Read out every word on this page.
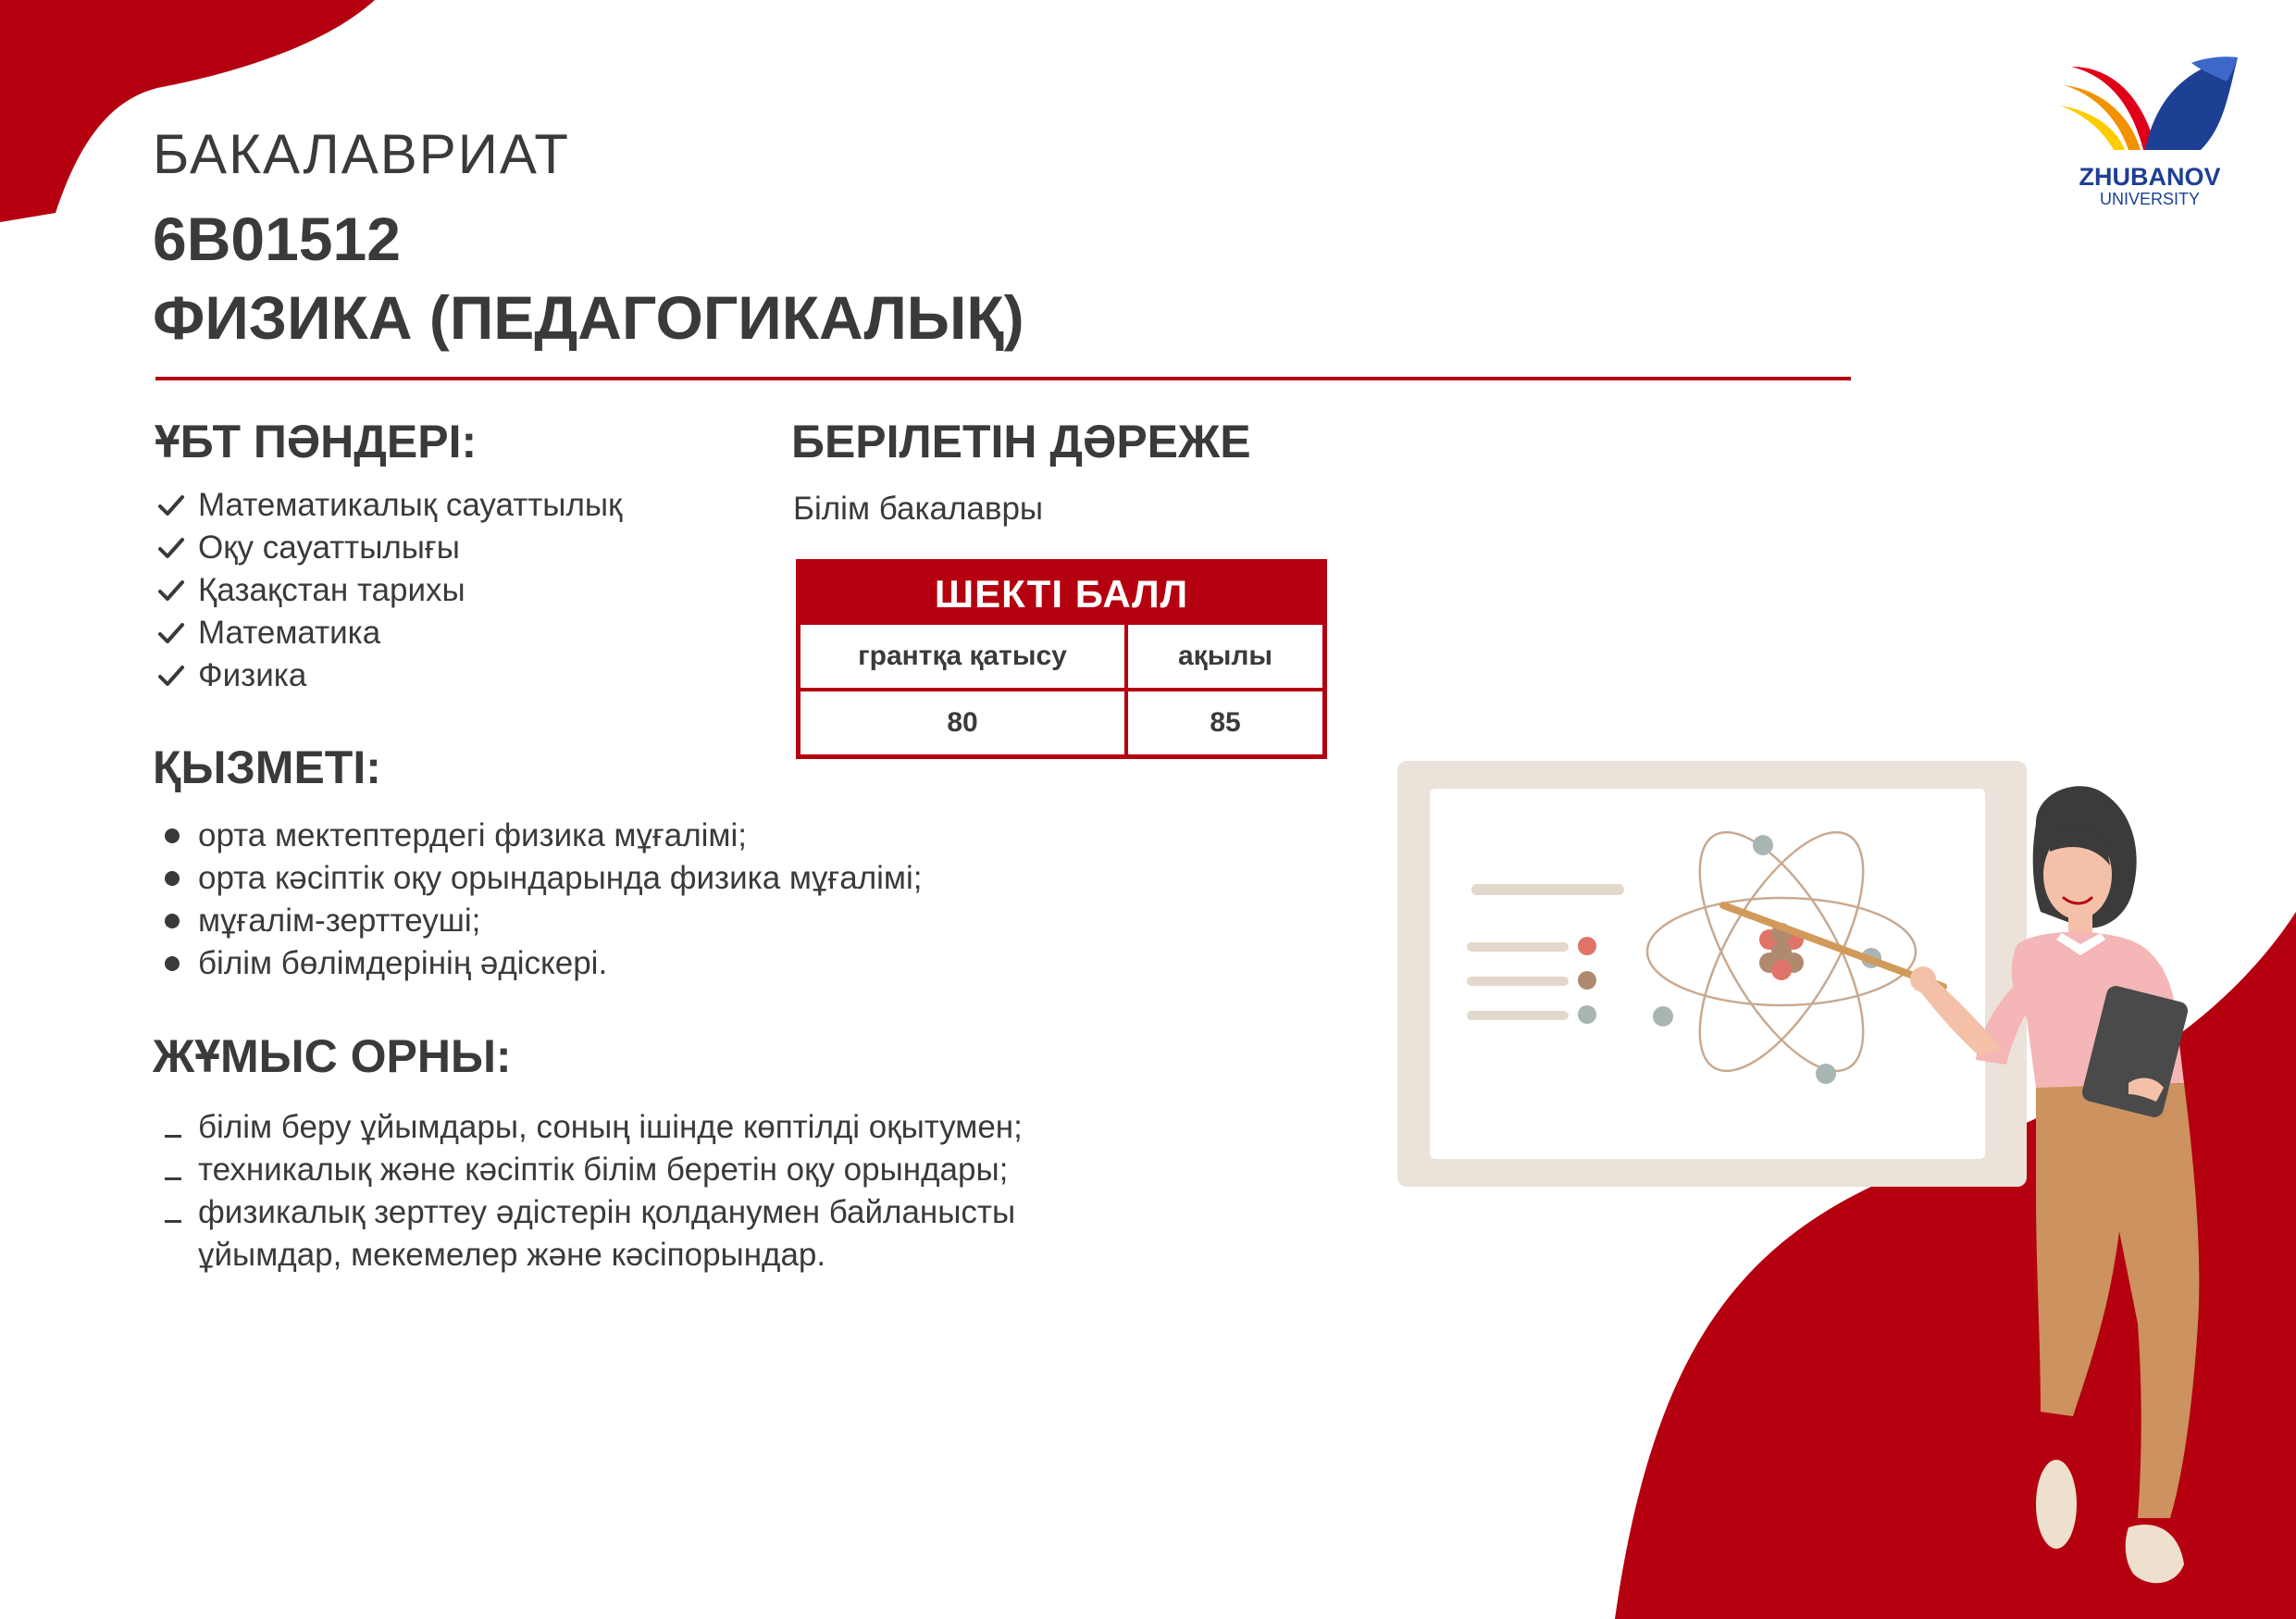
ZHUBANOV
UNIVERSITY
БАКАЛАВРИАТ
6B01512
ФИЗИКА (ПЕДАГОГИКАЛЫҚ)
ҰБТ ПӘНДЕРІ:
Математикалық сауаттылық
Оқу сауаттылығы
Қазақстан тарихы
Математика
Физика
БЕРІЛЕТІН ДӘРЕЖЕ
Білім бакалавры
ШЕКТІ БАЛЛ
грантқа қатысу	ақылы
80	85
ҚЫЗМЕТІ:
орта мектептердегі физика мұғалімі;
орта кәсіптік оқу орындарында физика мұғалімі;
мұғалім-зерттеуші;
білім бөлімдерінің әдіскері.
ЖҰМЫС ОРНЫ:
білім беру ұйымдары, соның ішінде көптілді оқытумен;
техникалық және кәсіптік білім беретін оқу орындары;
физикалық зерттеу әдістерін қолданумен байланысты
ұйымдар, мекемелер және кәсіпорындар.
